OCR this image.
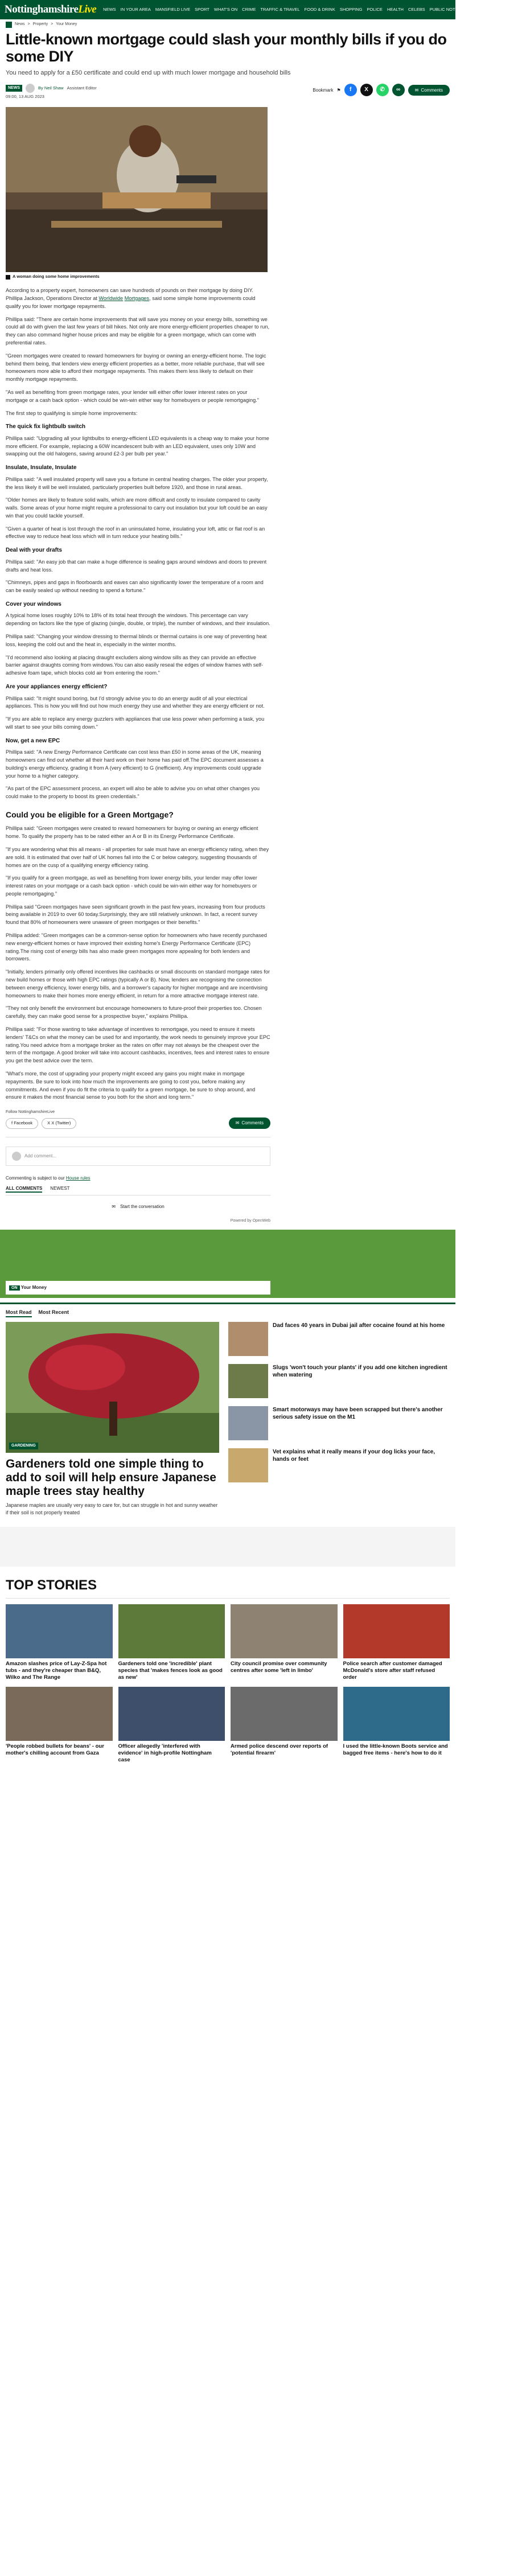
NottinghamshireLive NEWS IN YOUR AREA MANSFIELD LIVE SPORT WHAT'S ON CRIME TRAFFIC & TRAVEL FOOD & DRINK SHOPPING POLICE HEALTH CELEBS PUBLIC NOTICES PROPERTY JOBS ⚲ ☰
News > Property > Your Money
Little-known mortgage could slash your monthly bills if you do some DIY

You need to apply for a £50 certificate and could end up with much lower mortgage and household bills

NEWS	By Neil Shaw Assistant Editor
09:00, 13 AUG 2023
Bookmark ⚑	f	X	✆	∞	✉ Comments
A woman doing some home improvements

According to a property expert, homeowners can save hundreds of pounds on their mortgage by doing DIY. Phillipa Jackson, Operations Director at Worldwide Mortgages, said some simple home improvements could qualify you for lower mortgage repayments.

Phillipa said: "There are certain home improvements that will save you money on your energy bills, something we could all do with given the last few years of bill hikes. Not only are more energy-efficient properties cheaper to run, they can also command higher house prices and may be eligible for a green mortgage, which can come with preferential rates.

"Green mortgages were created to reward homeowners for buying or owning an energy-efficient home. The logic behind them being, that lenders view energy efficient properties as a better, more reliable purchase, that will see homeowners more able to afford their mortgage repayments. This makes them less likely to default on their monthly mortgage repayments.

"As well as benefiting from green mortgage rates, your lender will either offer lower interest rates on your mortgage or a cash back option - which could be win-win either way for homebuyers or people remortgaging."

The first step to qualifying is simple home improvements:

The quick fix lightbulb switch

Phillipa said: "Upgrading all your lightbulbs to energy-efficient LED equivalents is a cheap way to make your home more efficient. For example, replacing a 60W incandescent bulb with an LED equivalent, uses only 10W and swapping out the old halogens, saving around £2-3 per bulb per year."

Insulate, Insulate, Insulate

Phillipa said: "A well insulated property will save you a fortune in central heating charges. The older your property, the less likely it will be well insulated, particularly properties built before 1920, and those in rural areas.

"Older homes are likely to feature solid walls, which are more difficult and costly to insulate compared to cavity walls. Some areas of your home might require a professional to carry out insulation but your loft could be an easy win that you could tackle yourself.

"Given a quarter of heat is lost through the roof in an uninsulated home, insulating your loft, attic or flat roof is an effective way to reduce heat loss which will in turn reduce your heating bills."

Deal with your drafts

Phillipa said: "An easy job that can make a huge difference is sealing gaps around windows and doors to prevent drafts and heat loss.

"Chimneys, pipes and gaps in floorboards and eaves can also significantly lower the temperature of a room and can be easily sealed up without needing to spend a fortune."

Cover your windows

A typical home loses roughly 10% to 18% of its total heat through the windows. This percentage can vary depending on factors like the type of glazing (single, double, or triple), the number of windows, and their insulation.

Phillipa said: "Changing your window dressing to thermal blinds or thermal curtains is one way of preventing heat loss, keeping the cold out and the heat in, especially in the winter months.

"I'd recommend also looking at placing draught excluders along window sills as they can provide an effective barrier against draughts coming from windows.You can also easily reseal the edges of window frames with self-adhesive foam tape, which blocks cold air from entering the room."

Are your appliances energy efficient?

Phillipa said: "It might sound boring, but I'd strongly advise you to do an energy audit of all your electrical appliances. This is how you will find out how much energy they use and whether they are energy efficient or not.

"If you are able to replace any energy guzzlers with appliances that use less power when performing a task, you will start to see your bills coming down."

Now, get a new EPC

Phillipa said: "A new Energy Performance Certificate can cost less than £50 in some areas of the UK, meaning homeowners can find out whether all their hard work on their home has paid off.The EPC document assesses a building's energy efficiency, grading it from A (very efficient) to G (inefficient). Any improvements could upgrade your home to a higher category.

"As part of the EPC assessment process, an expert will also be able to advise you on what other changes you could make to the property to boost its green credentials."

Could you be eligible for a Green Mortgage?

Phillipa said: "Green mortgages were created to reward homeowners for buying or owning an energy efficient home. To qualify the property has to be rated either an A or B in its Energy Performance Certificate.

"If you are wondering what this all means - all properties for sale must have an energy efficiency rating, when they are sold. It is estimated that over half of UK homes fall into the C or below category, suggesting thousands of homes are on the cusp of a qualifying energy efficiency rating.

"If you qualify for a green mortgage, as well as benefiting from lower energy bills, your lender may offer lower interest rates on your mortgage or a cash back option - which could be win-win either way for homebuyers or people remortgaging."

Phillipa said "Green mortgages have seen significant growth in the past few years, increasing from four products being available in 2019 to over 60 today.Surprisingly, they are still relatively unknown. In fact, a recent survey found that 80% of homeowners were unaware of green mortgages or their benefits."

Phillipa added: "Green mortgages can be a common-sense option for homeowners who have recently purchased new energy-efficient homes or have improved their existing home's Energy Performance Certificate (EPC) rating.The rising cost of energy bills has also made green mortgages more appealing for both lenders and borrowers.

"Initially, lenders primarily only offered incentives like cashbacks or small discounts on standard mortgage rates for new build homes or those with high EPC ratings (typically A or B). Now, lenders are recognising the connection between energy efficiency, lower energy bills, and a borrower's capacity for higher mortgage and are incentivising homeowners to make their homes more energy efficient, in return for a more attractive mortgage interest rate.

"They not only benefit the environment but encourage homeowners to future-proof their properties too. Chosen carefully, they can make good sense for a prospective buyer," explains Phillipa.

Phillipa said: "For those wanting to take advantage of incentives to remortgage, you need to ensure it meets lenders' T&Cs on what the money can be used for and importantly, the work needs to genuinely improve your EPC rating.You need advice from a mortgage broker as the rates on offer may not always be the cheapest over the term of the mortgage. A good broker will take into account cashbacks, incentives, fees and interest rates to ensure you get the best advice over the term.

"What's more, the cost of upgrading your property might exceed any gains you might make in mortgage repayments. Be sure to look into how much the improvements are going to cost you, before making any commitments. And even if you do fit the criteria to qualify for a green mortgage, be sure to shop around, and ensure it makes the most financial sense to you both for the short and long term."

Follow NottinghamshireLive
f Facebook	X X (Twitter)	✉ Comments
Add comment...
Commenting is subject to our House rules
ALL COMMENTS NEWEST
✉ Start the conversation
Powered by OpenWeb
ON Your Money
Most Read Most Recent
GARDENING
Gardeners told one simple thing to add to soil will help ensure Japanese maple trees stay healthy

Japanese maples are usually very easy to care for, but can struggle in hot and sunny weather if their soil is not properly treated

Dad faces 40 years in Dubai jail after cocaine found at his home
Slugs 'won't touch your plants' if you add one kitchen ingredient when watering
Smart motorways may have been scrapped but there's another serious safety issue on the M1
Vet explains what it really means if your dog licks your face, hands or feet
TOP STORIES
Amazon slashes price of Lay-Z-Spa hot tubs - and they're cheaper than B&Q, Wilko and The Range
Gardeners told one 'incredible' plant species that 'makes fences look as good as new'
City council promise over community centres after some 'left in limbo'
Police search after customer damaged McDonald's store after staff refused order
'People robbed bullets for beans' - our mother's chilling account from Gaza
Officer allegedly 'interfered with evidence' in high-profile Nottingham case
Armed police descend over reports of 'potential firearm'
I used the little-known Boots service and bagged free items - here's how to do it
